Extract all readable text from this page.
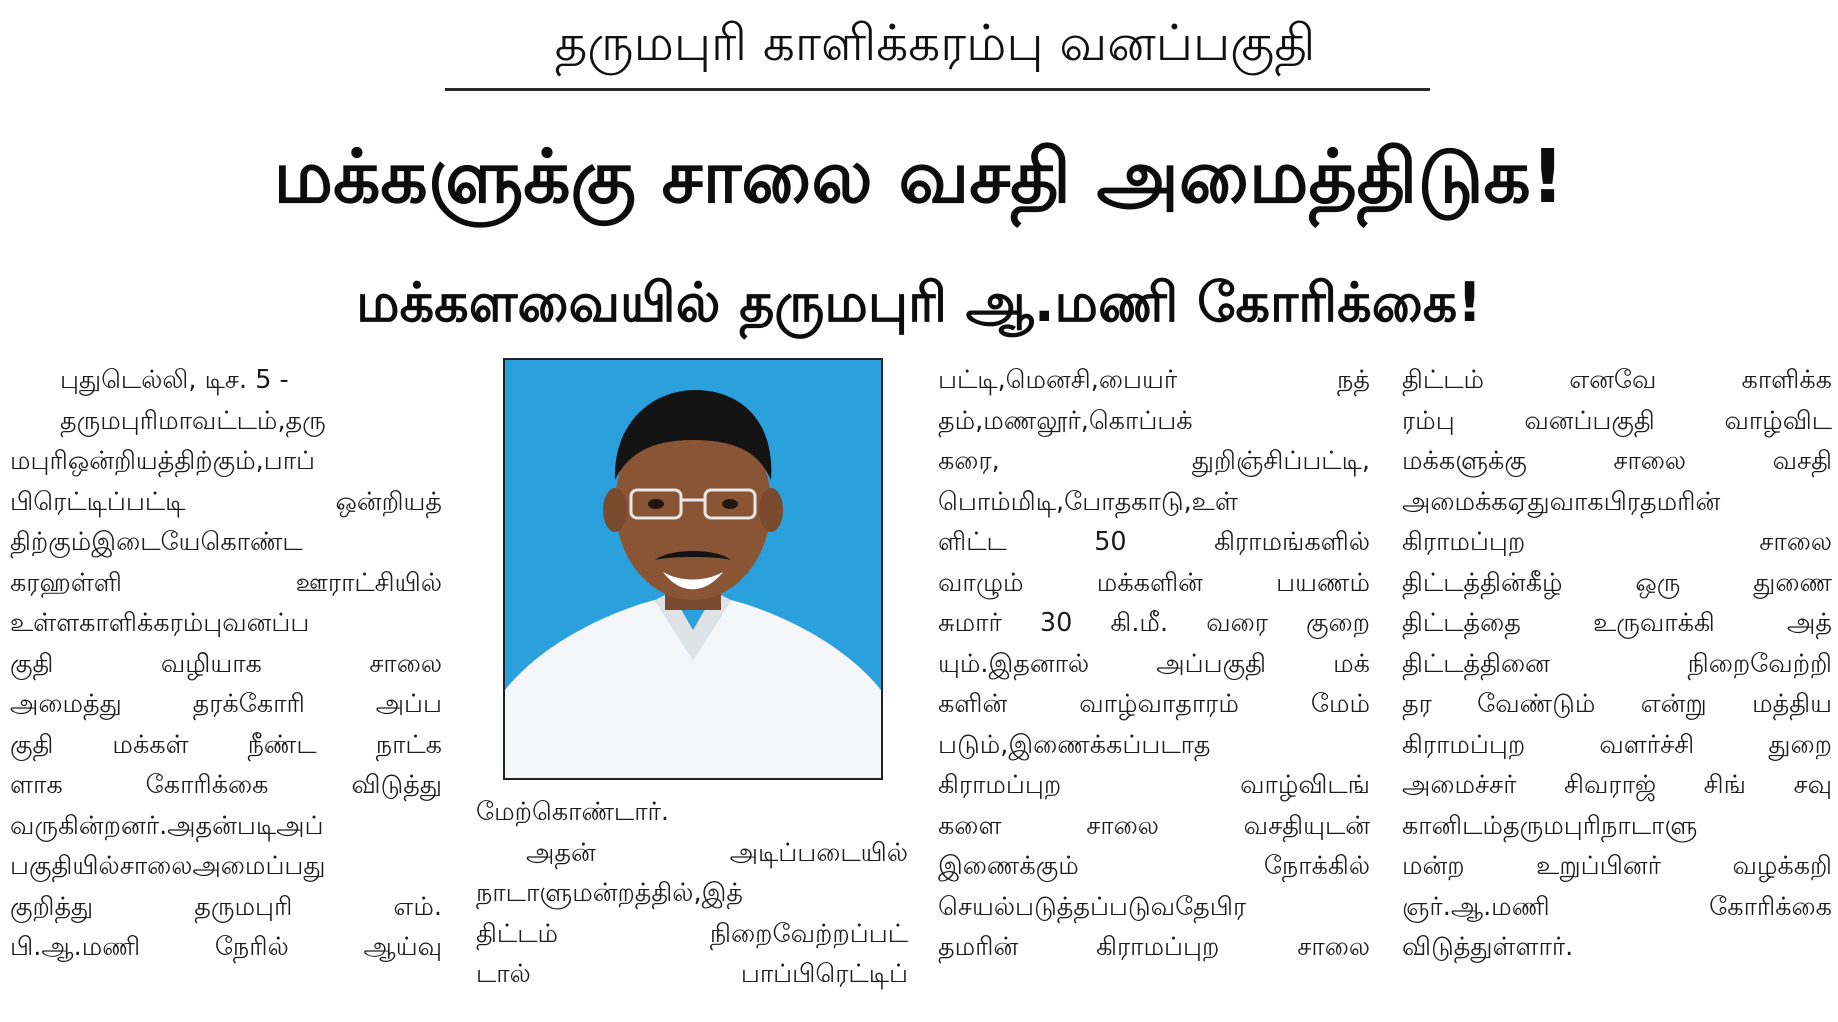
தருமபுரி காளிக்கரம்பு வனப்பகுதி
மக்களுக்கு சாலை வசதி அமைத்திடுக!
மக்களவையில் தருமபுரி ஆ.மணி கோரிக்கை!
புதுடெல்லி, டிச. 5 -
தருமபுரிமாவட்டம்,தரு
மபுரிஒன்றியத்திற்கும்,பாப்
பிரெட்டிப்பட்டி ஒன்றியத்
திற்கும்இடையேகொண்ட
கரஹள்ளி ஊராட்சியில்
உள்ளகாளிக்கரம்புவனப்ப
குதி வழியாக சாலை
அமைத்து தரக்கோரி அப்ப
குதி மக்கள் நீண்ட நாட்க
ளாக கோரிக்கை விடுத்து
வருகின்றனர்.அதன்படிஅப்
பகுதியில்சாலைஅமைப்பது
குறித்து தருமபுரி எம்.
பி.ஆ.மணி நேரில் ஆய்வு
மேற்கொண்டார்.
அதன் அடிப்படையில்
நாடாளுமன்றத்தில்,இத்
திட்டம் நிறைவேற்றப்பட்
டால் பாப்பிரெட்டிப்
பட்டி,மெனசி,பையர் நத்
தம்,மணலூர்,கொப்பக்
கரை, துறிஞ்சிப்பட்டி,
பொம்மிடி,போதகாடு,உள்
ளிட்ட 50 கிராமங்களில்
வாழும் மக்களின் பயணம்
சுமார் 30 கி.மீ. வரை குறை
யும்.இதனால் அப்பகுதி மக்
களின் வாழ்வாதாரம் மேம்
படும்,இணைக்கப்படாத
கிராமப்புற வாழ்விடங்
களை சாலை வசதியுடன்
இணைக்கும் நோக்கில்
செயல்படுத்தப்படுவதேபிர
தமரின் கிராமப்புற சாலை
திட்டம் எனவே காளிக்க
ரம்பு வனப்பகுதி வாழ்விட
மக்களுக்கு சாலை வசதி
அமைக்கஏதுவாகபிரதமரின்
கிராமப்புற சாலை
திட்டத்தின்கீழ் ஒரு துணை
திட்டத்தை உருவாக்கி அத்
திட்டத்தினை நிறைவேற்றி
தர வேண்டும் என்று மத்திய
கிராமப்புற வளர்ச்சி துறை
அமைச்சர் சிவராஜ் சிங் சவு
கானிடம்தருமபுரிநாடாளு
மன்ற உறுப்பினர் வழக்கறி
ஞர்.ஆ.மணி கோரிக்கை
விடுத்துள்ளார்.
